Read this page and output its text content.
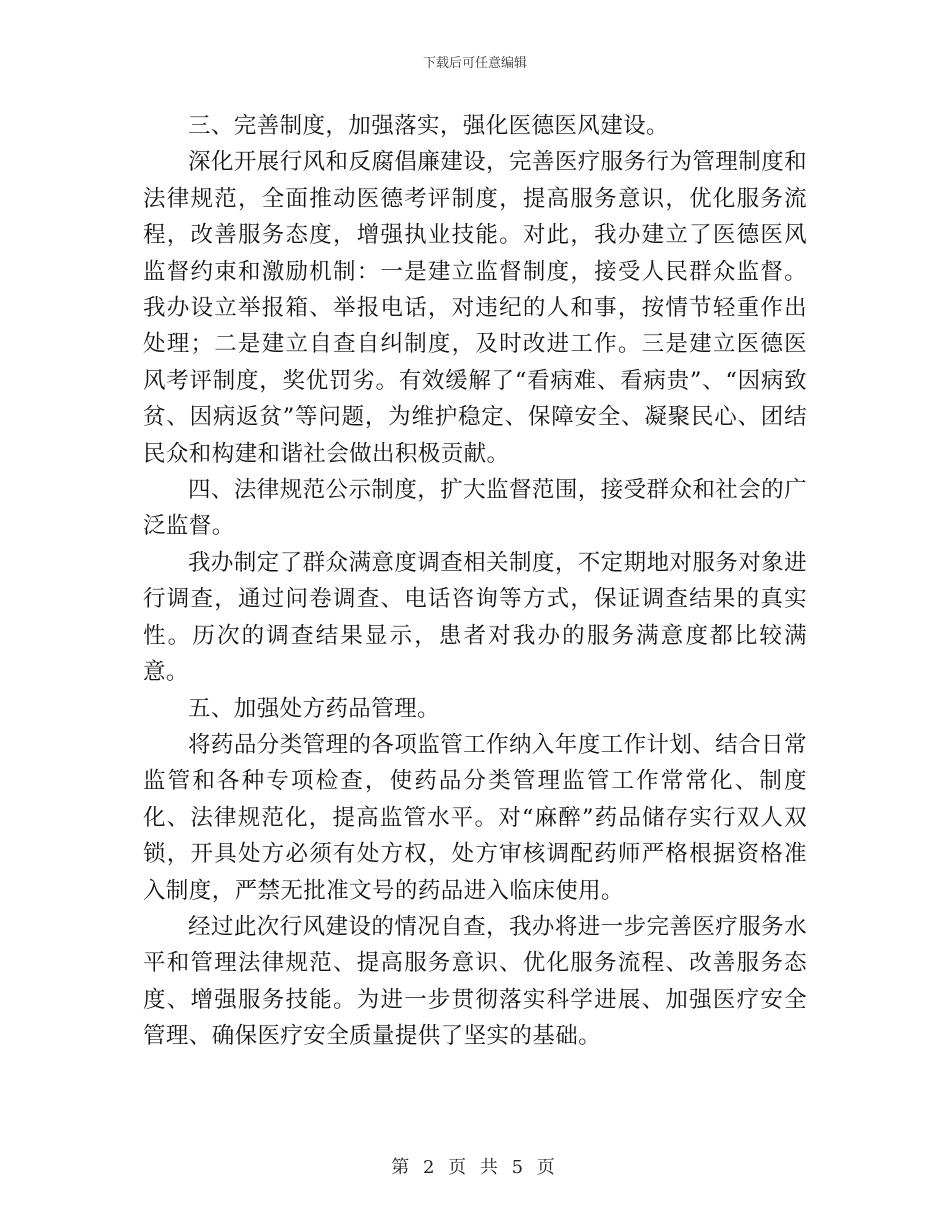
下载后可任意编辑

三、完善制度，加强落实，强化医德医风建设。

深化开展行风和反腐倡廉建设，完善医疗服务行为管理制度和法律规范，全面推动医德考评制度，提高服务意识，优化服务流程，改善服务态度，增强执业技能。对此，我办建立了医德医风监督约束和激励机制：一是建立监督制度，接受人民群众监督。我办设立举报箱、举报电话，对违纪的人和事，按情节轻重作出处理；二是建立自查自纠制度，及时改进工作。三是建立医德医风考评制度，奖优罚劣。有效缓解了“看病难、看病贵”、“因病致贫、因病返贫”等问题，为维护稳定、保障安全、凝聚民心、团结民众和构建和谐社会做出积极贡献。

四、法律规范公示制度，扩大监督范围，接受群众和社会的广泛监督。

我办制定了群众满意度调查相关制度，不定期地对服务对象进行调查，通过问卷调查、电话咨询等方式，保证调查结果的真实性。历次的调查结果显示，患者对我办的服务满意度都比较满意。

五、加强处方药品管理。

将药品分类管理的各项监管工作纳入年度工作计划、结合日常监管和各种专项检查，使药品分类管理监管工作常常化、制度化、法律规范化，提高监管水平。对“麻醉”药品储存实行双人双锁，开具处方必须有处方权，处方审核调配药师严格根据资格准入制度，严禁无批准文号的药品进入临床使用。

经过此次行风建设的情况自查，我办将进一步完善医疗服务水平和管理法律规范、提高服务意识、优化服务流程、改善服务态度、增强服务技能。为进一步贯彻落实科学进展、加强医疗安全管理、确保医疗安全质量提供了坚实的基础。

第 2 页 共 5 页
